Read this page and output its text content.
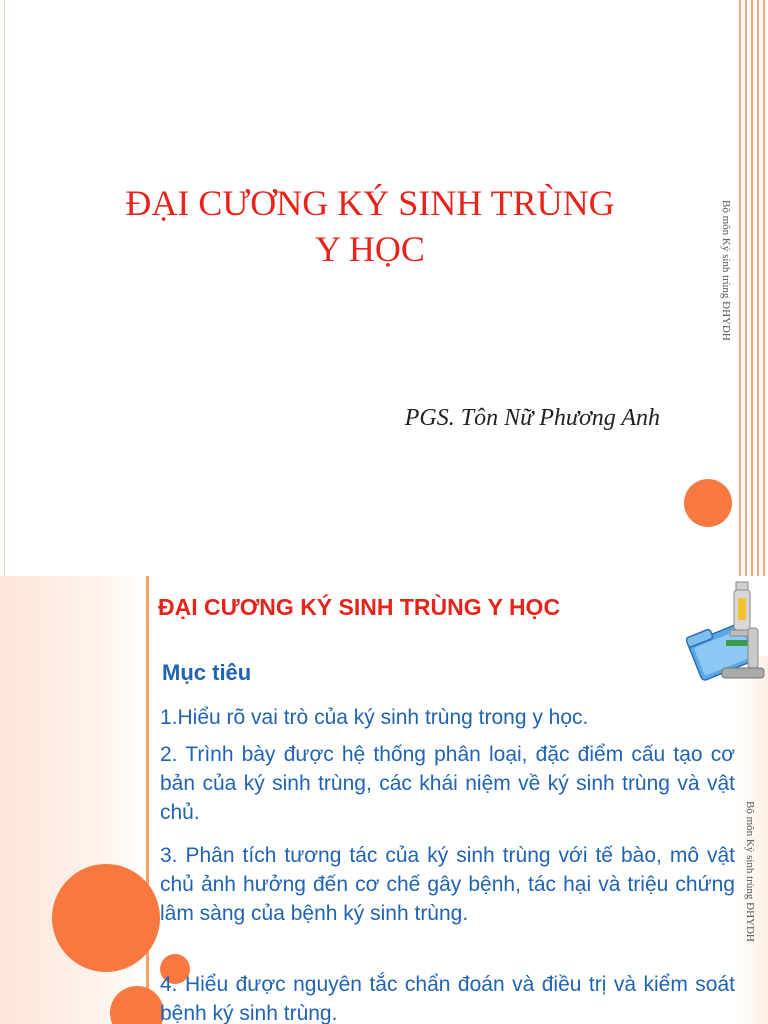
ĐẠI CƯƠNG KÝ SINH TRÙNG
Y HỌC
PGS. Tôn Nữ Phương Anh
Bộ môn Ký sinh trùng ĐHYDH
ĐẠI CƯƠNG KÝ SINH TRÙNG Y HỌC
Mục tiêu

1.Hiểu rõ vai trò của ký sinh trùng trong y học.

2. Trình bày được hệ thống phân loại, đặc điểm cấu tạo cơ bản của ký sinh trùng, các khái niệm về ký sinh trùng và vật chủ.

3. Phân tích tương tác của ký sinh trùng với tế bào, mô vật chủ ảnh hưởng đến cơ chế gây bệnh, tác hại và triệu chứng lâm sàng của bệnh ký sinh trùng.

4. Hiểu được nguyên tắc chẩn đoán và điều trị và kiểm soát bệnh ký sinh trùng.

Bộ môn Ký sinh trùng ĐHYDH
